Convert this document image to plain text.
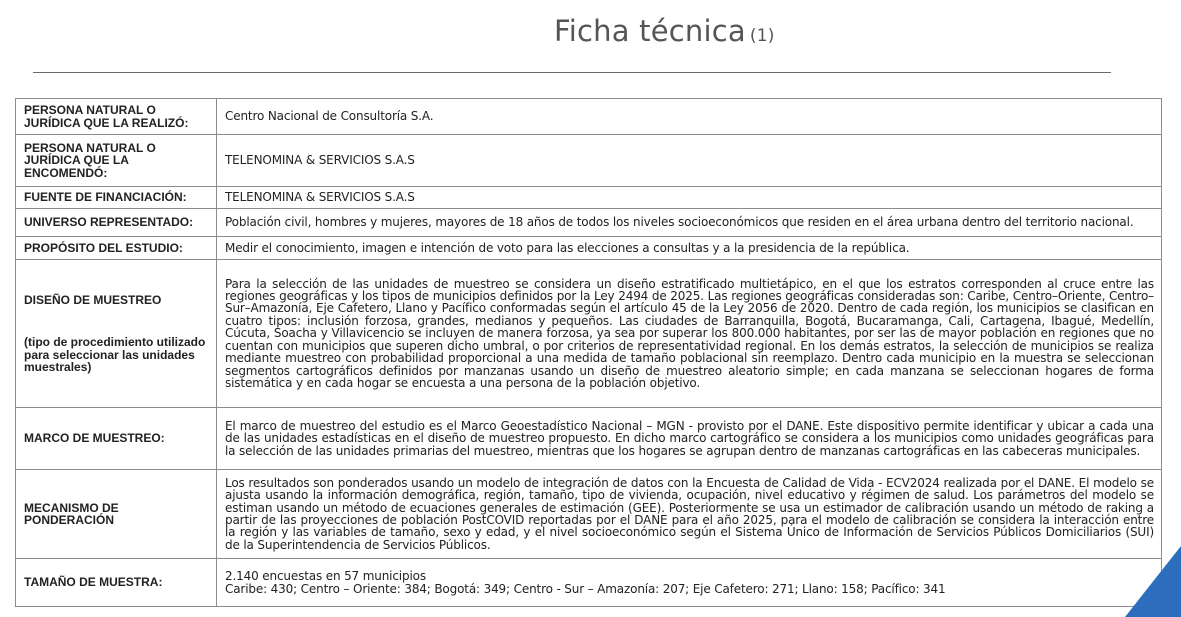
Ficha técnica (1)
PERSONA NATURAL O JURÍDICA QUE LA REALIZÓ:	Centro Nacional de Consultoría S.A.
PERSONA NATURAL O JURÍDICA QUE LA ENCOMENDÓ:	TELENOMINA & SERVICIOS S.A.S
FUENTE DE FINANCIACIÓN:	TELENOMINA & SERVICIOS S.A.S
UNIVERSO REPRESENTADO:	Población civil, hombres y mujeres, mayores de 18 años de todos los niveles socioeconómicos que residen en el área urbana dentro del territorio nacional.
PROPÓSITO DEL ESTUDIO:	Medir el conocimiento, imagen e intención de voto para las elecciones a consultas y a la presidencia de la república.
DISEÑO DE MUESTREO
(tipo de procedimiento utilizado para seleccionar las unidades muestrales)	Para la selección de las unidades de muestreo se considera un diseño estratificado multietápico, en el que los estratos corresponden al cruce entre las regiones geográficas y los tipos de municipios definidos por la Ley 2494 de 2025. Las regiones geográficas consideradas son: Caribe, Centro–Oriente, Centro–Sur–Amazonía, Eje Cafetero, Llano y Pacífico conformadas según el artículo 45 de la Ley 2056 de 2020. Dentro de cada región, los municipios se clasifican en cuatro tipos: inclusión forzosa, grandes, medianos y pequeños. Las ciudades de Barranquilla, Bogotá, Bucaramanga, Cali, Cartagena, Ibagué, Medellín, Cúcuta, Soacha y Villavicencio se incluyen de manera forzosa, ya sea por superar los 800.000 habitantes, por ser las de mayor población en regiones que no cuentan con municipios que superen dicho umbral, o por criterios de representatividad regional. En los demás estratos, la selección de municipios se realiza mediante muestreo con probabilidad proporcional a una medida de tamaño poblacional sin reemplazo. Dentro cada municipio en la muestra se seleccionan segmentos cartográficos definidos por manzanas usando un diseño de muestreo aleatorio simple; en cada manzana se seleccionan hogares de forma sistemática y en cada hogar se encuesta a una persona de la población objetivo.
MARCO DE MUESTREO:	El marco de muestreo del estudio es el Marco Geoestadístico Nacional – MGN - provisto por el DANE. Este dispositivo permite identificar y ubicar a cada una de las unidades estadísticas en el diseño de muestreo propuesto. En dicho marco cartográfico se considera a los municipios como unidades geográficas para la selección de las unidades primarias del muestreo, mientras que los hogares se agrupan dentro de manzanas cartográficas en las cabeceras municipales.
MECANISMO DE PONDERACIÓN	Los resultados son ponderados usando un modelo de integración de datos con la Encuesta de Calidad de Vida - ECV2024 realizada por el DANE. El modelo se ajusta usando la información demográfica, región, tamaño, tipo de vivienda, ocupación, nivel educativo y régimen de salud. Los parámetros del modelo se estiman usando un método de ecuaciones generales de estimación (GEE). Posteriormente se usa un estimador de calibración usando un método de raking a partir de las proyecciones de población PostCOVID reportadas por el DANE para el año 2025, para el modelo de calibración se considera la interacción entre la región y las variables de tamaño, sexo y edad, y el nivel socioeconómico según el Sistema Único de Información de Servicios Públicos Domiciliarios (SUI) de la Superintendencia de Servicios Públicos.
TAMAÑO DE MUESTRA:	2.140 encuestas en 57 municipios
Caribe: 430; Centro – Oriente: 384; Bogotá: 349; Centro - Sur – Amazonía: 207; Eje Cafetero: 271; Llano: 158; Pacífico: 341
